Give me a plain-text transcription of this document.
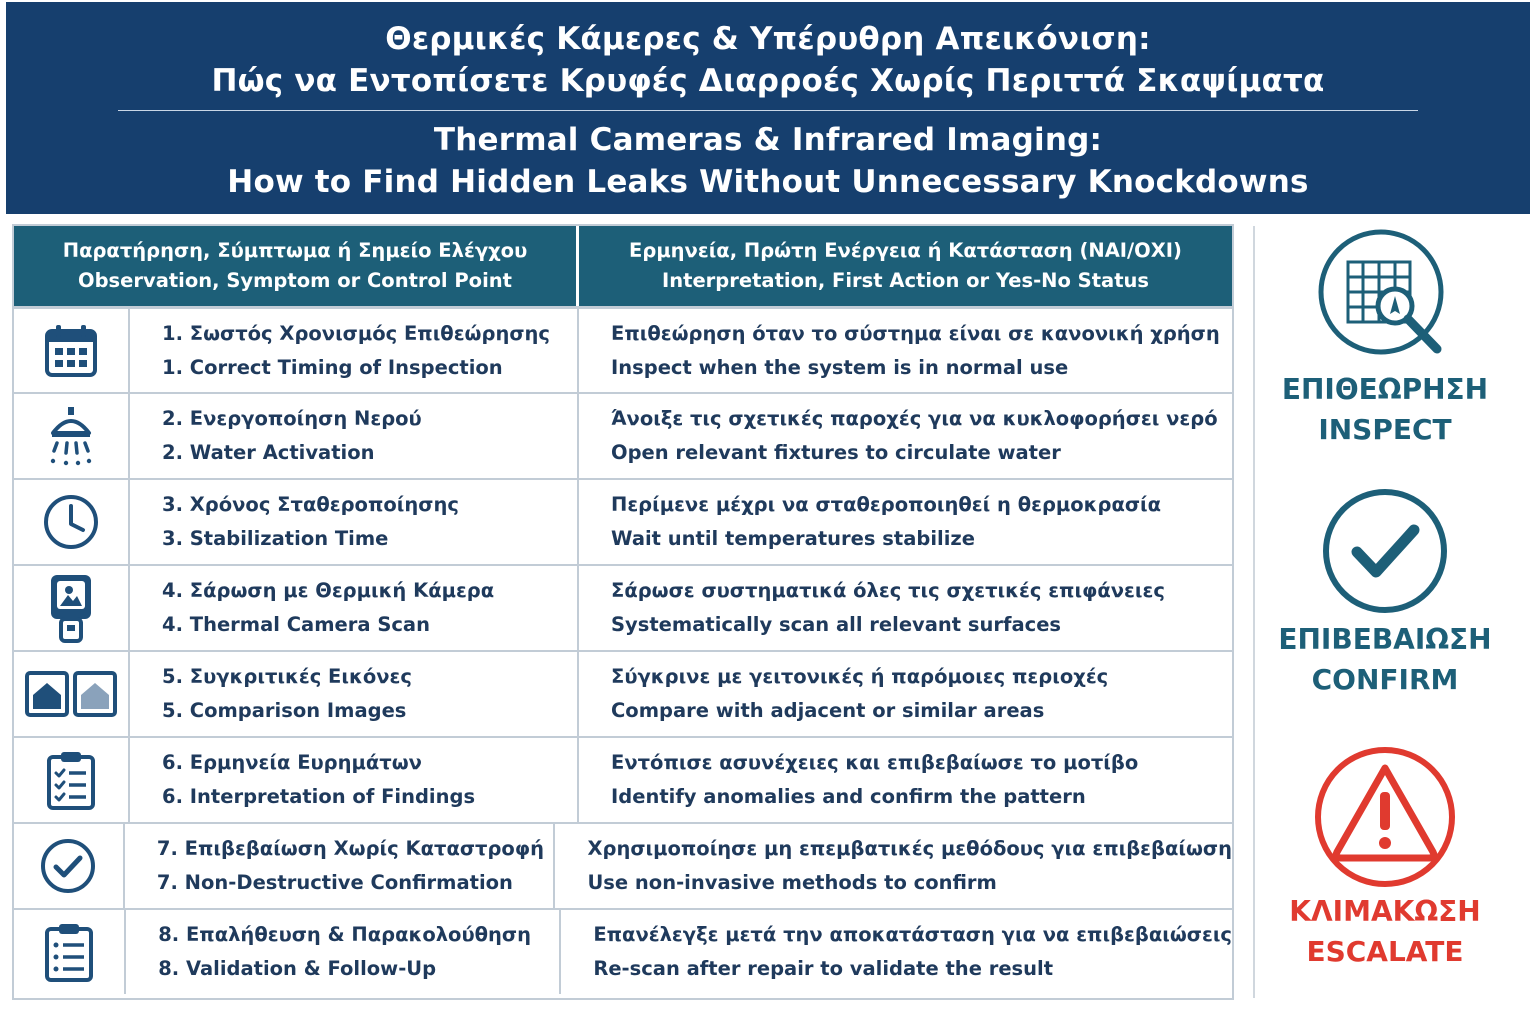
Θερμικές Κάμερες & Υπέρυθρη Απεικόνιση:
Πώς να Εντοπίσετε Κρυφές Διαρροές Χωρίς Περιττά Σκαψίματα
Thermal Cameras & Infrared Imaging:
How to Find Hidden Leaks Without Unnecessary Knockdowns
Παρατήρηση, Σύμπτωμα ή Σημείο Ελέγχου
Observation, Symptom or Control Point
Ερμηνεία, Πρώτη Ενέργεια ή Κατάσταση (ΝΑΙ/ΟΧΙ)
Interpretation, First Action or Yes-No Status
1. Σωστός Χρονισμός Επιθεώρησης
1. Correct Timing of Inspection
Επιθεώρηση όταν το σύστημα είναι σε κανονική χρήση
Inspect when the system is in normal use
2. Ενεργοποίηση Νερού
2. Water Activation
Άνοιξε τις σχετικές παροχές για να κυκλοφορήσει νερό
Open relevant fixtures to circulate water
3. Χρόνος Σταθεροποίησης
3. Stabilization Time
Περίμενε μέχρι να σταθεροποιηθεί η θερμοκρασία
Wait until temperatures stabilize
4. Σάρωση με Θερμική Κάμερα
4. Thermal Camera Scan
Σάρωσε συστηματικά όλες τις σχετικές επιφάνειες
Systematically scan all relevant surfaces
5. Συγκριτικές Εικόνες
5. Comparison Images
Σύγκρινε με γειτονικές ή παρόμοιες περιοχές
Compare with adjacent or similar areas
6. Ερμηνεία Ευρημάτων
6. Interpretation of Findings
Εντόπισε ασυνέχειες και επιβεβαίωσε το μοτίβο
Identify anomalies and confirm the pattern
7. Επιβεβαίωση Χωρίς Καταστροφή
7. Non-Destructive Confirmation
Χρησιμοποίησε μη επεμβατικές μεθόδους για επιβεβαίωση
Use non-invasive methods to confirm
8. Επαλήθευση & Παρακολούθηση
8. Validation & Follow-Up
Επανέλεγξε μετά την αποκατάσταση για να επιβεβαιώσεις
Re-scan after repair to validate the result
ΕΠΙΘΕΩΡΗΣΗ
INSPECT
ΕΠΙΒΕΒΑΙΩΣΗ
CONFIRM
ΚΛΙΜΑΚΩΣΗ
ESCALATE
